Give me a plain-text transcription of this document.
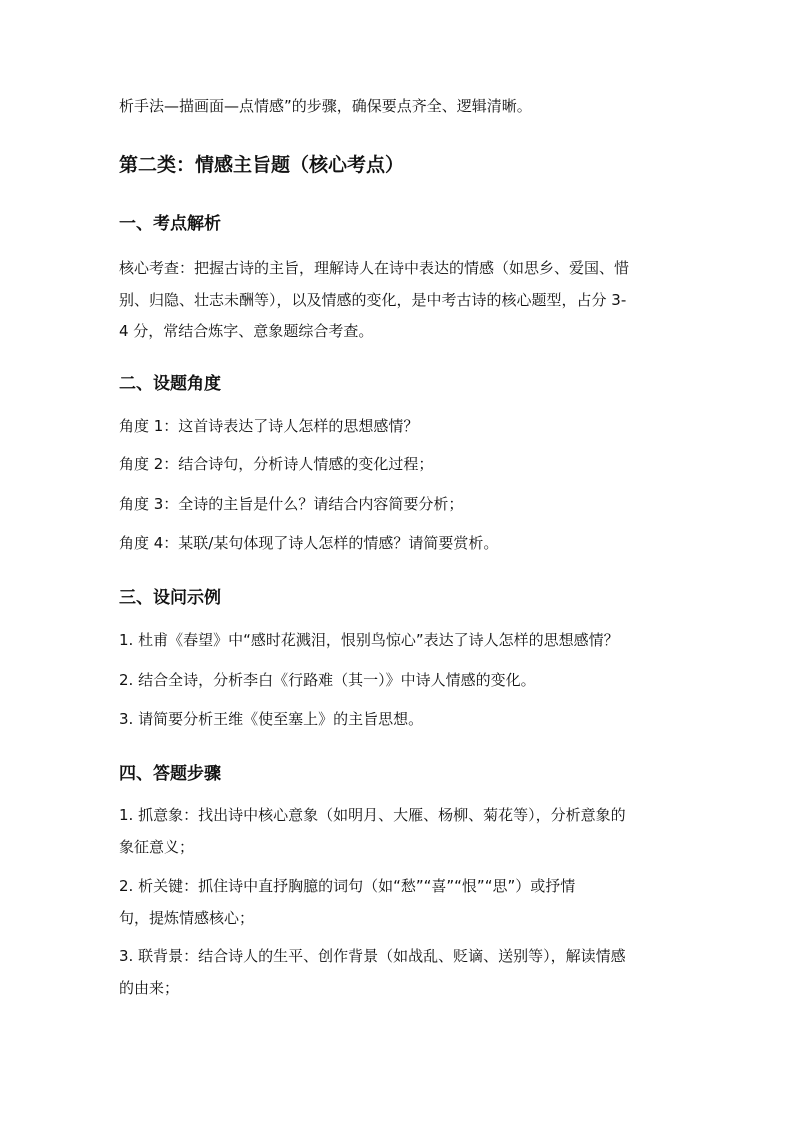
析手法—描画面—点情感”的步骤，确保要点齐全、逻辑清晰。
第二类：情感主旨题（核心考点）
一、考点解析
核心考查：把握古诗的主旨，理解诗人在诗中表达的情感（如思乡、爱国、惜
别、归隐、壮志未酬等），以及情感的变化，是中考古诗的核心题型，占分 3-
4 分，常结合炼字、意象题综合考查。
二、设题角度
角度 1：这首诗表达了诗人怎样的思想感情？
角度 2：结合诗句，分析诗人情感的变化过程；
角度 3：全诗的主旨是什么？请结合内容简要分析；
角度 4：某联/某句体现了诗人怎样的情感？请简要赏析。
三、设问示例
1. 杜甫《春望》中“感时花溅泪，恨别鸟惊心”表达了诗人怎样的思想感情？
2. 结合全诗，分析李白《行路难（其一）》中诗人情感的变化。
3. 请简要分析王维《使至塞上》的主旨思想。
四、答题步骤
1. 抓意象：找出诗中核心意象（如明月、大雁、杨柳、菊花等），分析意象的
象征意义；
2. 析关键：抓住诗中直抒胸臆的词句（如“愁”“喜”“恨”“思”）或抒情
句，提炼情感核心；
3. 联背景：结合诗人的生平、创作背景（如战乱、贬谪、送别等），解读情感
的由来；
